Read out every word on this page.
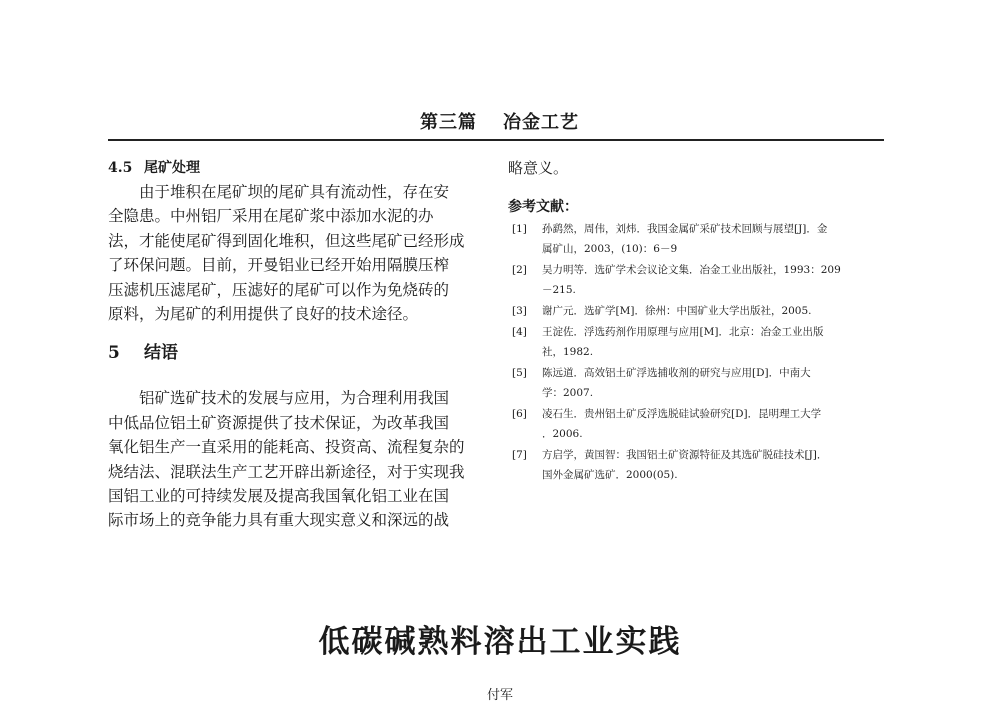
第三篇 冶金工艺
4.5 尾矿处理

由于堆积在尾矿坝的尾矿具有流动性，存在安
全隐患。中州铝厂采用在尾矿浆中添加水泥的办
法，才能使尾矿得到固化堆积，但这些尾矿已经形成
了环保问题。目前，开曼铝业已经开始用隔膜压榨
压滤机压滤尾矿，压滤好的尾矿可以作为免烧砖的
原料，为尾矿的利用提供了良好的技术途径。

5 结语

铝矿选矿技术的发展与应用，为合理利用我国
中低品位铝土矿资源提供了技术保证，为改革我国
氧化铝生产一直采用的能耗高、投资高、流程复杂的
烧结法、混联法生产工艺开辟出新途径，对于实现我
国铝工业的可持续发展及提高我国氧化铝工业在国
际市场上的竞争能力具有重大现实意义和深远的战

略意义。
参考文献：
[1] 孙鹞然，周伟，刘炜．我国金属矿采矿技术回顾与展望[J]．金
属矿山，2003，(10)：6－9
[2] 吴力明等．选矿学术会议论文集．冶金工业出版社，1993：209
－215.
[3] 谢广元．选矿学[M]．徐州：中国矿业大学出版社，2005.
[4] 王淀佐．浮选药剂作用原理与应用[M]．北京：冶金工业出版
社，1982.
[5] 陈远道．高效铝土矿浮选捕收剂的研究与应用[D]．中南大
学：2007.
[6] 凌石生．贵州铝土矿反浮选脱硅试验研究[D]．昆明理工大学
．2006.
[7] 方启学，黄国智：我国铝土矿资源特征及其选矿脱硅技术[J]．
国外金属矿选矿．2000(05).
低碳碱熟料溶出工业实践
付军
